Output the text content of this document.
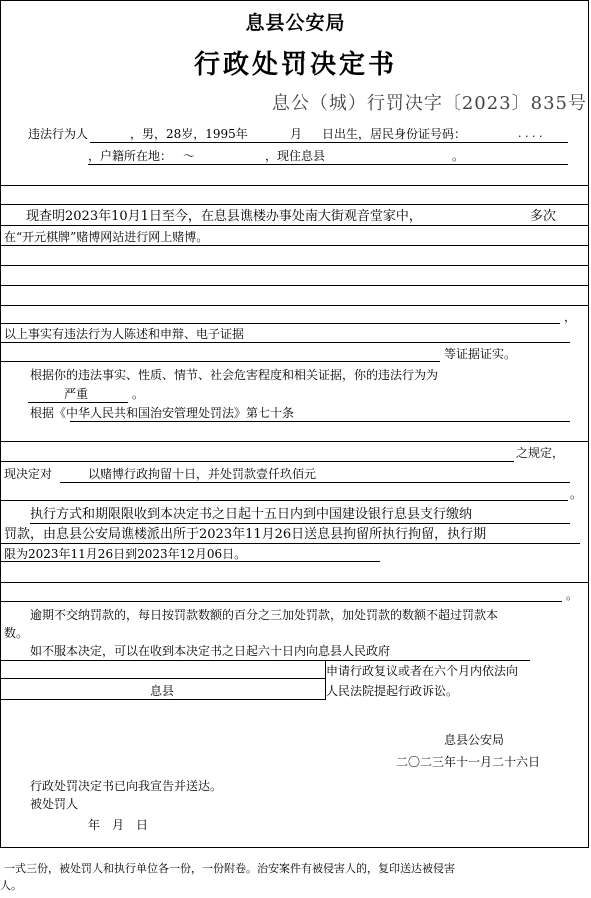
息县公安局
行政处罚决定书
息公（城）行罚决字〔2023〕835号
违法行为人	，男，28岁，1995年	月 日出生，居民身份证号码：	. . . .
，户籍所在地： ～	，现住息县	。
现查明2023年10月1日至今，在息县谯楼办事处南大街观音堂家中，	多次
在“开元棋牌”赌博网站进行网上赌博。
，
以上事实有违法行为人陈述和申辩、电子证据
等证据证实。
根据你的违法事实、性质、情节、社会危害程度和相关证据，你的违法行为为
严重	。
根据《中华人民共和国治安管理处罚法》第七十条
之规定，
现决定对	以赌博行政拘留十日，并处罚款壹仟玖佰元
。
执行方式和期限限收到本决定书之日起十五日内到中国建设银行息县支行缴纳
罚款，由息县公安局谯楼派出所于2023年11月26日送息县拘留所执行拘留，执行期
限为2023年11月26日到2023年12月06日。
。
逾期不交纳罚款的，每日按罚款数额的百分之三加处罚款，加处罚款的数额不超过罚款本
数。
如不服本决定，可以在收到本决定书之日起六十日内向息县人民政府
申请行政复议或者在六个月内依法向
息县	人民法院提起行政诉讼。
息县公安局
二〇二三年十一月二十六日
行政处罚决定书已向我宣告并送达。
被处罚人
年　月　日
一式三份，被处罚人和执行单位各一份，一份附卷。治安案件有被侵害人的，复印送达被侵害
人。
